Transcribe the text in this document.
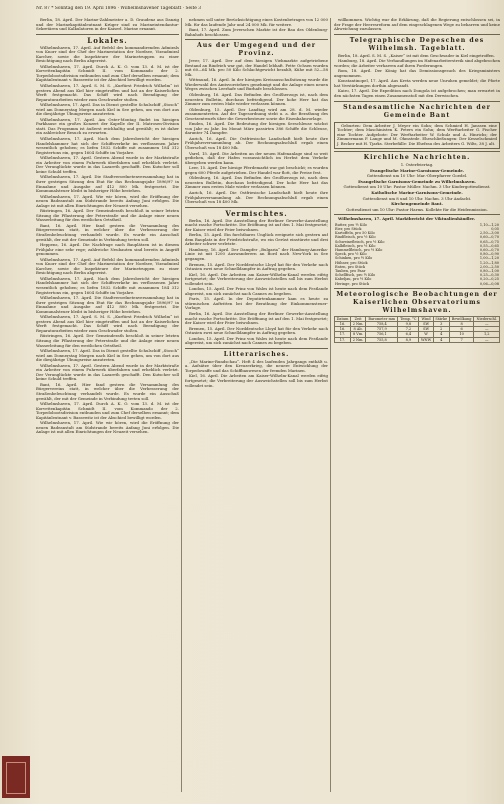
Nr. 87 * Sonntag den 19. April 1896 · Wilhelmshavener Tageblatt · Seite 3

Berlin, 18. April. Der Marine-Zahlmeister a. D. Graudenz aus Danzig und der Marinekapitänleutnant Krüger sind zu Marineintendantur-Sekretären und Kalkulatoren in der Kaiserl. Marine ernannt.

Lokales.

Wilhelmshaven, 17. April. Auf Befehl des kommandirenden Admirals von Knorr sind der Chef der Marinestation der Nordsee, Vizeadmiral Karcher, sowie die Inspekteure der Marinetruppen zu einer Besichtigung nach Berlin abgereist.

Wilhelmshaven, 17. April. Durch A. K. O. vom 13. d. M. ist der Korvettenkapitän Schmidt II. vom Kommando der 2. Torpedobootsdivision entbunden und zum Chef derselben ernannt; dem Kapitänleutnant v. Bassewitz ist der Abschied bewilligt worden.

Wilhelmshaven, 17. April. S. M. S. „Kurfürst Friedrich Wilhelm“ ist gestern Abend aus Kiel hier eingetroffen und hat an der Kaiserlichen Werft festgemacht. Das Schiff wird nach Beendigung der Reparaturarbeiten wieder zum Geschwader stoßen.

Wilhelmshaven, 17. April. Das in Dienst gestellte Schulschiff „Stosch“ wird am Donnerstag Morgen nach Kiel in See gehen, um von dort aus die diesjährige Übungsreise anzutreten.

Wilhelmshaven, 17. April. Am Oster-Montag findet im hiesigen Parkhause ein großes Konzert der Kapelle der II. Matrosen-Division statt. Das Programm ist äußerst reichhaltig und gewählt; es ist daher ein zahlreicher Besuch zu erwarten.

Wilhelmshaven, 17. April. Nach dem Jahresbericht der hiesigen Handelskammer hat sich der Schiffsverkehr im verflossenen Jahre wesentlich gehoben; es liefen 1832 Schiffe mit zusammen 184 312 Registertons ein, gegen 1604 Schiffe im Vorjahre.

Wilhelmshaven, 17. April. Gestern Abend wurde in der Marktstraße ein Arbeiter von einem Fuhrwerk überfahren und erheblich verletzt. Der Verunglückte wurde in das Lazareth geschafft. Den Kutscher soll keine Schuld treffen.

Wilhelmshaven, 17. April. Die Stadtverordnetenversammlung hat in ihrer gestrigen Sitzung den Etat für das Rechnungsjahr 1896/97 in Einnahme und Ausgabe auf 412 800 Mk. festgesetzt. Die Kommunalsteuer bleibt in bisheriger Höhe bestehen.

Wilhelmshaven, 17. April. Wie wir hören, wird die Eröffnung der neuen Badeanstalt am Südstrande bereits Anfang Juni erfolgen. Die Anlage ist mit allen Einrichtungen der Neuzeit versehen.

Rüstringen, 16. April. Der Gemeinderath beschloß in seiner letzten Sitzung die Pflasterung der Peterstraße und die Anlage einer neuen Wasserleitung für den westlichen Ortstheil.

Bant, 16. April. Hier fand gestern die Versammlung des Bürgervereins statt, in welcher über die Verbesserung der Straßenbeleuchtung verhandelt wurde. Es wurde ein Ausschuß gewählt, der mit der Gemeinde in Verbindung treten soll.

Heppens, 16. April. Die Nachfrage nach Bauplätzen ist in diesem Frühjahr eine sehr rege; zahlreiche Neubauten sind bereits in Angriff genommen.

Wilhelmshaven, 17. April. Auf Befehl des kommandirenden Admirals von Knorr sind der Chef der Marinestation der Nordsee, Vizeadmiral Karcher, sowie die Inspekteure der Marinetruppen zu einer Besichtigung nach Berlin abgereist.

Wilhelmshaven, 17. April. Nach dem Jahresbericht der hiesigen Handelskammer hat sich der Schiffsverkehr im verflossenen Jahre wesentlich gehoben; es liefen 1832 Schiffe mit zusammen 184 312 Registertons ein, gegen 1604 Schiffe im Vorjahre.

Wilhelmshaven, 17. April. Die Stadtverordnetenversammlung hat in ihrer gestrigen Sitzung den Etat für das Rechnungsjahr 1896/97 in Einnahme und Ausgabe auf 412 800 Mk. festgesetzt. Die Kommunalsteuer bleibt in bisheriger Höhe bestehen.

Wilhelmshaven, 17. April. S. M. S. „Kurfürst Friedrich Wilhelm“ ist gestern Abend aus Kiel hier eingetroffen und hat an der Kaiserlichen Werft festgemacht. Das Schiff wird nach Beendigung der Reparaturarbeiten wieder zum Geschwader stoßen.

Rüstringen, 16. April. Der Gemeinderath beschloß in seiner letzten Sitzung die Pflasterung der Peterstraße und die Anlage einer neuen Wasserleitung für den westlichen Ortstheil.

Wilhelmshaven, 17. April. Das in Dienst gestellte Schulschiff „Stosch“ wird am Donnerstag Morgen nach Kiel in See gehen, um von dort aus die diesjährige Übungsreise anzutreten.

Wilhelmshaven, 17. April. Gestern Abend wurde in der Marktstraße ein Arbeiter von einem Fuhrwerk überfahren und erheblich verletzt. Der Verunglückte wurde in das Lazareth geschafft. Den Kutscher soll keine Schuld treffen.

Bant, 16. April. Hier fand gestern die Versammlung des Bürgervereins statt, in welcher über die Verbesserung der Straßenbeleuchtung verhandelt wurde. Es wurde ein Ausschuß gewählt, der mit der Gemeinde in Verbindung treten soll.

Wilhelmshaven, 17. April. Durch A. K. O. vom 13. d. M. ist der Korvettenkapitän Schmidt II. vom Kommando der 2. Torpedobootsdivision entbunden und zum Chef derselben ernannt; dem Kapitänleutnant v. Bassewitz ist der Abschied bewilligt worden.

Wilhelmshaven, 17. April. Wie wir hören, wird die Eröffnung der neuen Badeanstalt am Südstrande bereits Anfang Juni erfolgen. Die Anlage ist mit allen Einrichtungen der Neuzeit versehen.

nehmen soll unter Berücksichtigung eines Kostenbetrages von 12 000 Mk. für das laufende Jahr und 24 000 Mk. für weitere.

Bant, 17. April. Zum Jeverschen Markte ist der Bau des Oldenburg-Bahnhofs beschlossen.

Aus der Umgegend und der Provinz.

Jever, 17. April. Der auf dem hiesigen Viehmarkte aufgetriebene Bestand an Rindvieh war gut, der Handel lebhaft. Fette Ochsen wurden mit 60—64 Mk. pro 50 Kilo Schlachtgewicht bezahlt, Kühe mit 52—58 Mk.

Wittmund, 16. April. In der hiesigen Kreisausschußsitzung wurde die Wiederwahl des Amtsvorstehers genehmigt und die Anlage eines neuen Weges zwischen Leerhafe und Burhafe beschlossen.

Oldenburg, 16. April. Das Befinden des Großherzogs ist, nach dem neuesten Bulletin, durchaus befriedigend. Der hohe Herr hat das Zimmer zum ersten Male wieder verlassen können.

Oldenburg, 15. April. Der Landtag wird am 28. d. M. wieder zusammentreten. Auf der Tagesordnung steht u. a. die Berathung des Gesetzentwurfs über die Gewerbesteuer sowie die Eisenbahnvorlage.

Emden, 16. April. Die Bedeutung der hiesigen Seeschleuse wächst von Jahr zu Jahr. Im Monat März passirten 386 Schiffe die Schleuse, darunter 74 Dampfer.

Aurich, 16. April. Die Ostfriesische Landschaft hielt heute ihre Frühjahrsversammlung ab. Der Rechnungsabschluß ergab einen Überschuß von 18 400 Mk.

Varel, 15. April. Die Arbeiten an der neuen Hafenanlage sind so weit gediehen, daß der Hafen voraussichtlich im Herbst dem Verkehr übergeben werden kann.

Leer, 15. April. Der hiesige Pferdemarkt war gut beschickt; es wurden gegen 600 Pferde aufgetrieben. Der Handel war flott, die Preise fest.

Oldenburg, 16. April. Das Befinden des Großherzogs ist, nach dem neuesten Bulletin, durchaus befriedigend. Der hohe Herr hat das Zimmer zum ersten Male wieder verlassen können.

Aurich, 16. April. Die Ostfriesische Landschaft hielt heute ihre Frühjahrsversammlung ab. Der Rechnungsabschluß ergab einen Überschuß von 18 400 Mk.

Vermischtes.

Berlin, 16. April. Die Ausstellung der Berliner Gewerbe-Ausstellung macht rasche Fortschritte. Die Eröffnung ist auf den 1. Mai festgesetzt; der Kaiser wird der Feier beiwohnen.

Berlin, 15. April. Ein furchtbares Unglück ereignete sich gestern auf dem Bauplatz in der Friedrichstraße, wo ein Gerüst einstürzte und drei Arbeiter schwer verletzte.

Hamburg, 16. April. Der Dampfer „Bulgaria“ der Hamburg-Amerika-Linie ist mit 1200 Auswanderern an Bord nach New-York in See gegangen.

Bremen, 15. April. Der Norddeutsche Lloyd hat für den Verkehr nach Ostasien zwei neue Schnelldampfer in Auftrag gegeben.

Kiel, 16. April. Die Arbeiten am Kaiser-Wilhelm-Kanal werden eifrig fortgesetzt; die Verbreiterung der Ausweichstellen soll bis zum Herbst vollendet sein.

London, 15. April. Der Prinz von Wales ist heute nach dem Festlande abgereist, um sich zunächst nach Cannes zu begeben.

Paris, 15. April. In der Deputirtenkammer kam es heute zu stürmischen Auftritten bei der Berathung der Einkommensteuer-Vorlage.

Berlin, 16. April. Die Ausstellung der Berliner Gewerbe-Ausstellung macht rasche Fortschritte. Die Eröffnung ist auf den 1. Mai festgesetzt; der Kaiser wird der Feier beiwohnen.

Bremen, 15. April. Der Norddeutsche Lloyd hat für den Verkehr nach Ostasien zwei neue Schnelldampfer in Auftrag gegeben.

London, 15. April. Der Prinz von Wales ist heute nach dem Festlande abgereist, um sich zunächst nach Cannes zu begeben.

Litterarisches.

„Die Marine-Rundschau“. Heft 4 des laufenden Jahrgangs enthält u. a. Aufsätze über den Kreuzerkrieg, die neuere Entwicklung der Torpedowaffe und das Schiffbauwesen der fremden Marinen.

Kiel, 16. April. Die Arbeiten am Kaiser-Wilhelm-Kanal werden eifrig fortgesetzt; die Verbreiterung der Ausweichstellen soll bis zum Herbst vollendet sein.

willkommen. Wichtig war die Erklärung, daß die Regierung entschlossen sei, in der Frage der Heeresreform auf dem eingeschlagenen Wege zu beharren und keine Abweichung zuzulassen.

Telegraphische Depeschen des Wilhelmsh. Tageblatt.

Berlin, 18. April. S. M. S. „Kaiser“ ist mit dem Geschwader in Kiel eingetroffen.

Hamburg, 18. April. Die Verhandlungen im Hafenarbeiterstreik sind abgebrochen worden; die Arbeiter verharren auf ihren Forderungen.

Rom, 18. April. Der König hat das Demissionsgesuch des Kriegsministers angenommen.

Konstantinopel, 17. April. Aus Kreta werden neue Unruhen gemeldet; die Pforte hat Verstärkungen dorthin abgesandt.

Kairo, 17. April. Die Expedition nach Dongola ist aufgebrochen; man erwartet in den nächsten Tagen einen Zusammenstoß mit den Derwischen.

Standesamtliche Nachrichten der Gemeinde Bant

Geburten: Dem Arbeiter J. Meyer ein Sohn; dem Schmied H. Janssen eine Tochter; dem Maschinisten K. Peters ein Sohn; dem Werftarbeiter G. Fischer eine Tochter. Aufgebote: Der Werftarbeiter W. Schulz und A. Hinrichs; der Zimmermann F. Lange und M. Ohmstede. Eheschließungen: Der Kesselschmied J. Becker mit H. Tjarks. Sterbefälle: Die Ehefrau des Arbeiters G. Wilts, 38 J. alt.

Kirchliche Nachrichten.

1. Osterfeiertag.

Evangelische Marine-Garnisons-Gemeinde.

Gottesdienst um 10 Uhr: Mar.-Oberpfarrer Goedel.

Evangelische Garnisons-Gemeinde zu Wilhelmshaven.

Gottesdienst um 10 Uhr: Pastor Müller. Nachm. 3 Uhr Kindergottesdienst.

Katholische Marine-Garnisons-Gemeinde.

Gottesdienst um 8 und 10 Uhr. Nachm. 3 Uhr Andacht.

Kirchengemeinde Bant.

Gottesdienst um 10 Uhr: Pastor Harms. Kollekte für die Heidenmission.

Wilhelmshaven, 17. April. Marktbericht der Viktualienhändler.

Butter, pro ½ Kilo	1,10—1,20
Eier, pro Stück	0,05
Kartoffeln, pro 50 Kilo	2,50—3,00
Rindfleisch, pro ½ Kilo	0,60—0,70
Schweinefleisch, pro ½ Kilo	0,65—0,75
Kalbfleisch, pro ½ Kilo	0,55—0,65
Hammelfleisch, pro ½ Kilo	0,60—0,70
Speck, pro ½ Kilo	0,80—0,90
Schinken, pro ½ Kilo	1,00—1,20
Hühner, pro Stück	1,20—1,80
Enten, pro Stück	2,00—2,50
Tauben, pro Paar	0,80—1,00
Schellfisch, pro ½ Kilo	0,25—0,30
Kabeljau, pro ½ Kilo	0,20—0,25
Heringe, pro Stück	0,06—0,08
Meteorologische Beobachtungen der Kaiserlichen Observatoriums Wilhelmshaven.
Datum	Zeit	Barometer mm	Temp. °C	Wind	Stärke	Bewölkung	Niederschl.
16.	2 Nm.	758,4	9,8	SW	3	8	—
16.	8 Ab.	757,9	7,2	SW	2	6	—
17.	8 Vm.	756,1	6,4	W	4	10	1,2
17.	2 Nm.	755,8	8,9	WNW	4	7	—
